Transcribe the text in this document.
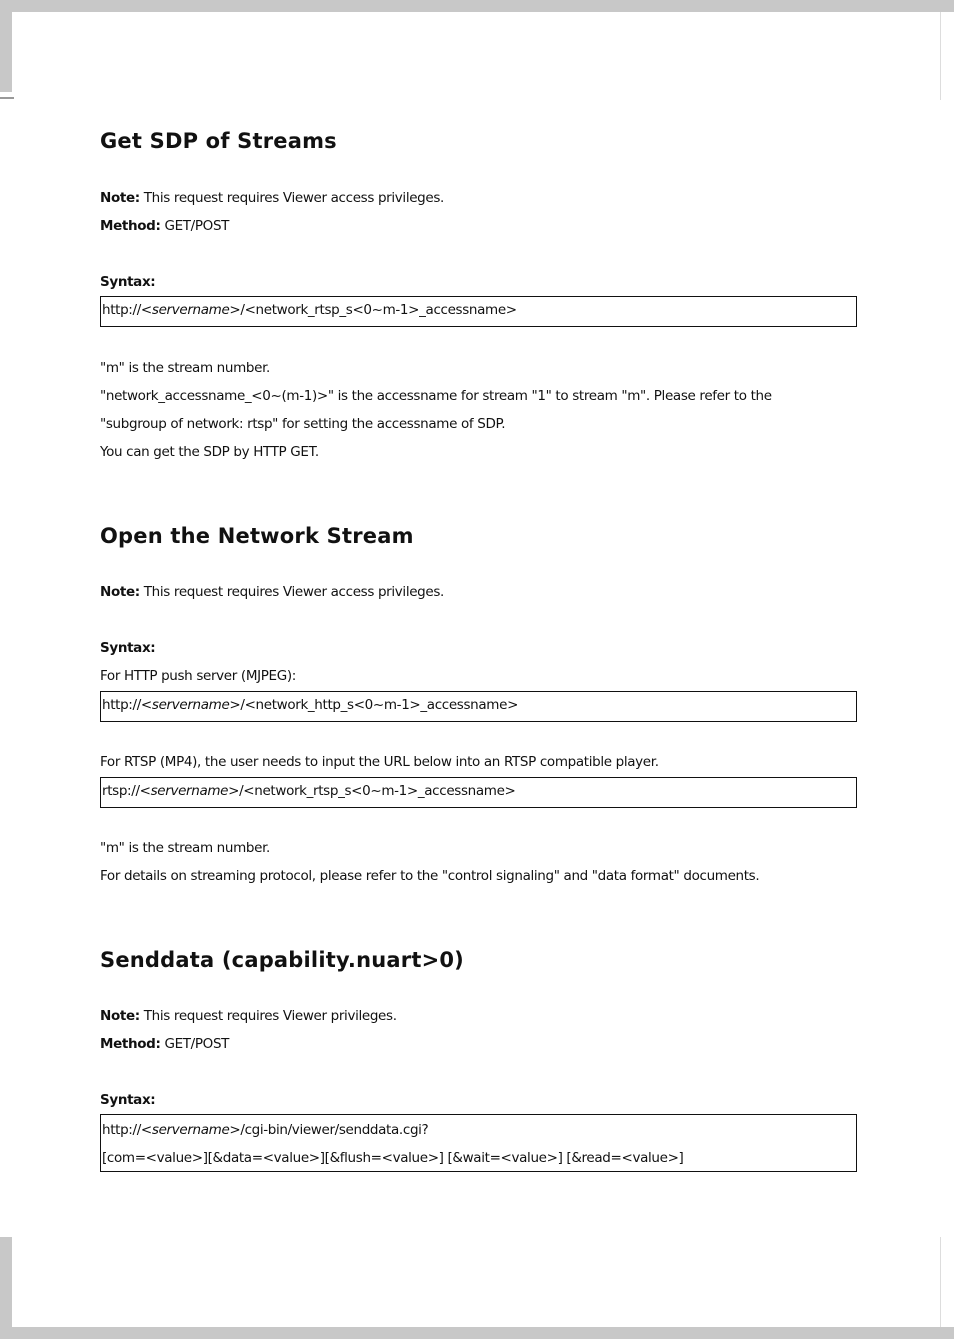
Get SDP of Streams
Note: This request requires Viewer access privileges.
Method: GET/POST
Syntax:
http://<servername>/<network_rtsp_s<0~m-1>_accessname>
"m" is the stream number.
"network_accessname_<0~(m-1)>" is the accessname for stream "1" to stream "m". Please refer to the
"subgroup of network: rtsp" for setting the accessname of SDP.
You can get the SDP by HTTP GET.
Open the Network Stream
Note: This request requires Viewer access privileges.
Syntax:
For HTTP push server (MJPEG):
http://<servername>/<network_http_s<0~m-1>_accessname>
For RTSP (MP4), the user needs to input the URL below into an RTSP compatible player.
rtsp://<servername>/<network_rtsp_s<0~m-1>_accessname>
"m" is the stream number.
For details on streaming protocol, please refer to the "control signaling" and "data format" documents.
Senddata (capability.nuart>0)
Note: This request requires Viewer privileges.
Method: GET/POST
Syntax:
http://<servername>/cgi-bin/viewer/senddata.cgi?
[com=<value>][&data=<value>][&flush=<value>] [&wait=<value>] [&read=<value>]
